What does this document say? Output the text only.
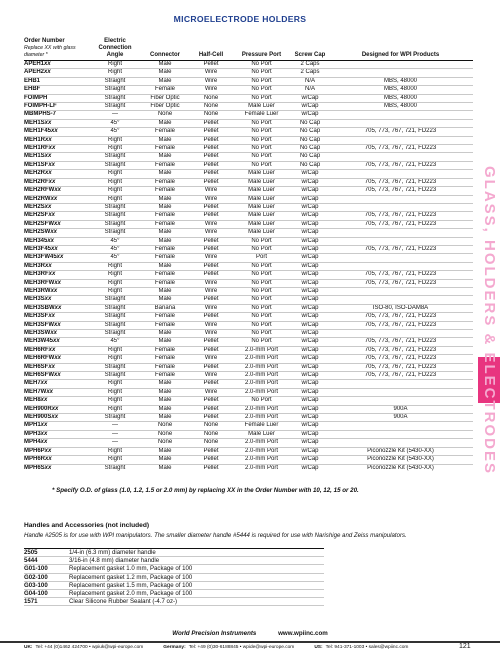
MICROELECTRODE HOLDERS
Order Number
Replace XX with glass diameter *	Electric Connection Angle	Connector	Half-Cell	Pressure Port	Screw Cap	Designed for WPI Products
APEH1xx	Right	Male	Pellet	No Port	2 Caps	
APEH2xx	Right	Male	Wire	No Port	2 Caps	
EHB1	Straight	Male	Wire	No Port	N/A	MBS, 48000
EHBF	Straight	Female	Wire	No Port	N/A	MBS, 48000
FOIMPH	Straight	Fiber Optic	None	No Port	w/Cap	MBS, 48000
FOIMPH-LF	Straight	Fiber Optic	None	Male Luer	w/Cap	MBS, 48000
MBMPHS-7	—	None	None	Female Luer	w/Cap	
MEH1Sxx	45°	Male	Pellet	No Port	No Cap	
MEH1F45xx	45°	Female	Pellet	No Port	No Cap	705, 773, 767, 721, FD223
MEH1Rxx	Right	Male	Pellet	No Port	No Cap	
MEH1RFxx	Right	Female	Pellet	No Port	No Cap	705, 773, 767, 721, FD223
MEH1Sxx	Straight	Male	Pellet	No Port	No Cap	
MEH1SFxx	Straight	Female	Pellet	No Port	No Cap	705, 773, 767, 721, FD223
MEH2Rxx	Right	Male	Pellet	Male Luer	w/Cap	
MEH2RFxx	Right	Female	Pellet	Male Luer	w/Cap	705, 773, 767, 721, FD223
MEH2RFWxx	Right	Female	Wire	Male Luer	w/Cap	705, 773, 767, 721, FD223
MEH2RWxx	Right	Male	Wire	Male Luer	w/Cap	
MEH2Sxx	Straight	Male	Pellet	Male Luer	w/Cap	
MEH2SFxx	Straight	Female	Pellet	Male Luer	w/Cap	705, 773, 767, 721, FD223
MEH2SFWxx	Straight	Female	Wire	Male Luer	w/Cap	705, 773, 767, 721, FD223
MEH2SWxx	Straight	Male	Wire	Male Luer	w/Cap	
MEH345xx	45°	Male	Pellet	No Port	w/Cap	
MEH3F45xx	45°	Female	Pellet	No Port	w/Cap	705, 773, 767, 721, FD223
MEH3FW45xx	45°	Female	Wire	Port	w/Cap	
MEH3Rxx	Right	Male	Pellet	No Port	w/Cap	
MEH3RFxx	Right	Female	Pellet	No Port	w/Cap	705, 773, 767, 721, FD223
MEH3RFWxx	Right	Female	Wire	No Port	w/Cap	705, 773, 767, 721, FD223
MEH3RWxx	Right	Male	Wire	No Port	w/Cap	
MEH3Sxx	Straight	Male	Pellet	No Port	w/Cap	
MEH3SBWxx	Straight	Banana	Wire	No Port	w/Cap	ISO-80, ISO-DAM8A
MEH3SFxx	Straight	Female	Pellet	No Port	w/Cap	705, 773, 767, 721, FD223
MEH3SFWxx	Straight	Female	Wire	No Port	w/Cap	705, 773, 767, 721, FD223
MEH3SWxx	Straight	Male	Wire	No Port	w/Cap	
MEH3W45xx	45°	Male	Pellet	No Port	w/Cap	705, 773, 767, 721, FD223
MEH6RFxx	Right	Female	Pellet	2.0-mm Port	w/Cap	705, 773, 767, 721, FD223
MEH6RFWxx	Right	Female	Wire	2.0-mm Port	w/Cap	705, 773, 767, 721, FD223
MEH6SFxx	Straight	Female	Pellet	2.0-mm Port	w/Cap	705, 773, 767, 721, FD223
MEH6SFWxx	Straight	Female	Wire	2.0-mm Port	w/Cap	705, 773, 767, 721, FD223
MEH7xx	Right	Male	Pellet	2.0-mm Port	w/Cap	
MEH7Wxx	Right	Male	Wire	2.0-mm Port	w/Cap	
MEH8xx	Right	Male	Pellet	No Port	w/Cap	
MEH900Rxx	Right	Male	Pellet	2.0-mm Port	w/Cap	900A
MEH900Sxx	Straight	Male	Pellet	2.0-mm Port	w/Cap	900A
MPH1xx	—	None	None	Female Luer	w/Cap	
MPH3xx	—	None	None	Male Luer	w/Cap	
MPH4xx	—	None	None	2.0-mm Port	w/Cap	
MPH6Pxx	Right	Male	Pellet	2.0-mm Port	w/Cap	Piconozzle Kit (5430-XX)
MPH6Rxx	Right	Male	Pellet	2.0-mm Port	w/Cap	Piconozzle Kit (5430-XX)
MPH6Sxx	Straight	Male	Pellet	2.0-mm Port	w/Cap	Piconozzle Kit (5430-XX)
* Specify O.D. of glass (1.0, 1.2, 1.5 or 2.0 mm) by replacing XX in the Order Number with 10, 12, 15 or 20.
Handles and Accessories (not included)
Handle #2505 is for use with WPI manipulators. The smaller diameter handle #5444 is required for use with Narishige and Zeiss manipulators.
2505	1/4-in (6.3 mm) diameter handle
5444	3/16-in (4.8 mm) diameter handle
G01-100	Replacement gasket 1.0 mm, Package of 100
G02-100	Replacement gasket 1.2 mm, Package of 100
G03-100	Replacement gasket 1.5 mm, Package of 100
G04-100	Replacement gasket 2.0 mm, Package of 100
1571	Clear Silicone Rubber Sealant (-4.7 oz-)
GLASS, HOLDERS & ELECTRODES
World Precision Instruments	www.wpiinc.com
UK: Tel: +44 (0)1462 424700 • wpiuk@wpi-europe.com	Germany: Tel: +49 (0)30-6188845 • wpide@wpi-europe.com	US: Tel: 941-371-1003 • sales@wpiinc.com	121
